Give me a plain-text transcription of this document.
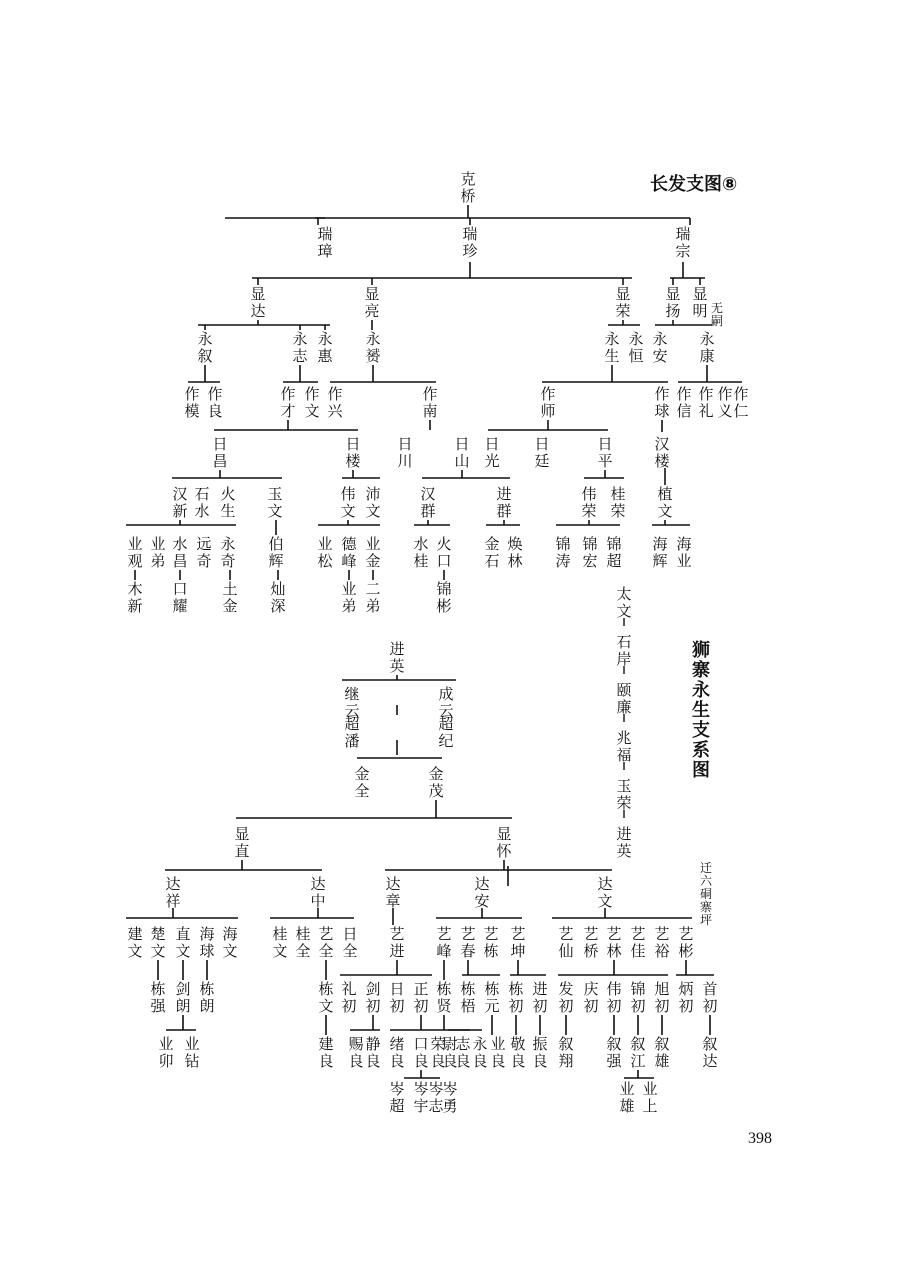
克桥
瑞璋
瑞珍
瑞宗
显达
显亮
显荣
显扬
显明 无嗣
永叙
永志
永惠
永赟
永生
永恒
永安
永康
作模
作良
作才
作文
作兴
作南
作师
作球
作信
作礼
作义
作仁
日昌
日楼
日川
日山
日光
日廷
日平
汉楼
汉新
石水
火生
玉文
伟文
沛文
汉群
进群
伟荣
桂荣
植文
业观
业弟
水昌
远奇
永奇
伯辉
业松
德峰
业金
水桂
火口
金石
焕林
锦涛
锦宏
锦超
海辉
海业
木新
口耀
土金
灿深
业弟
二弟
锦彬
进英
继云
成云
超潘
超纪
金全
金茂
显直
显怀
达祥
达中
达章
达安
达文
建文
楚文
直文
海球
海文
桂文
桂全
艺全
日全
艺进
艺峰
艺春
艺栋
艺坤
艺仙
艺桥
艺林
艺佳
艺裕
艺彬
栋强
剑朗
栋朗
栋文
礼初
剑初
日初
正初
栋贤
栋梧
栋元
栋初
进初
发初
庆初
伟初
锦初
旭初
炳初
首初
业卯
业钻
建良
赐良
静良
绪良
口良
荣良
尉良
志良
永良
业良
敬良
振良
叙翔
叙强
叙江
叙雄
叙达
岑超
岑宇
岑志
岑勇
业雄
业上
太文
石岸
颐廉
兆福
玉荣
进英
迁六硐寨坪
长发支图⑧
狮寨永生支系图
398
